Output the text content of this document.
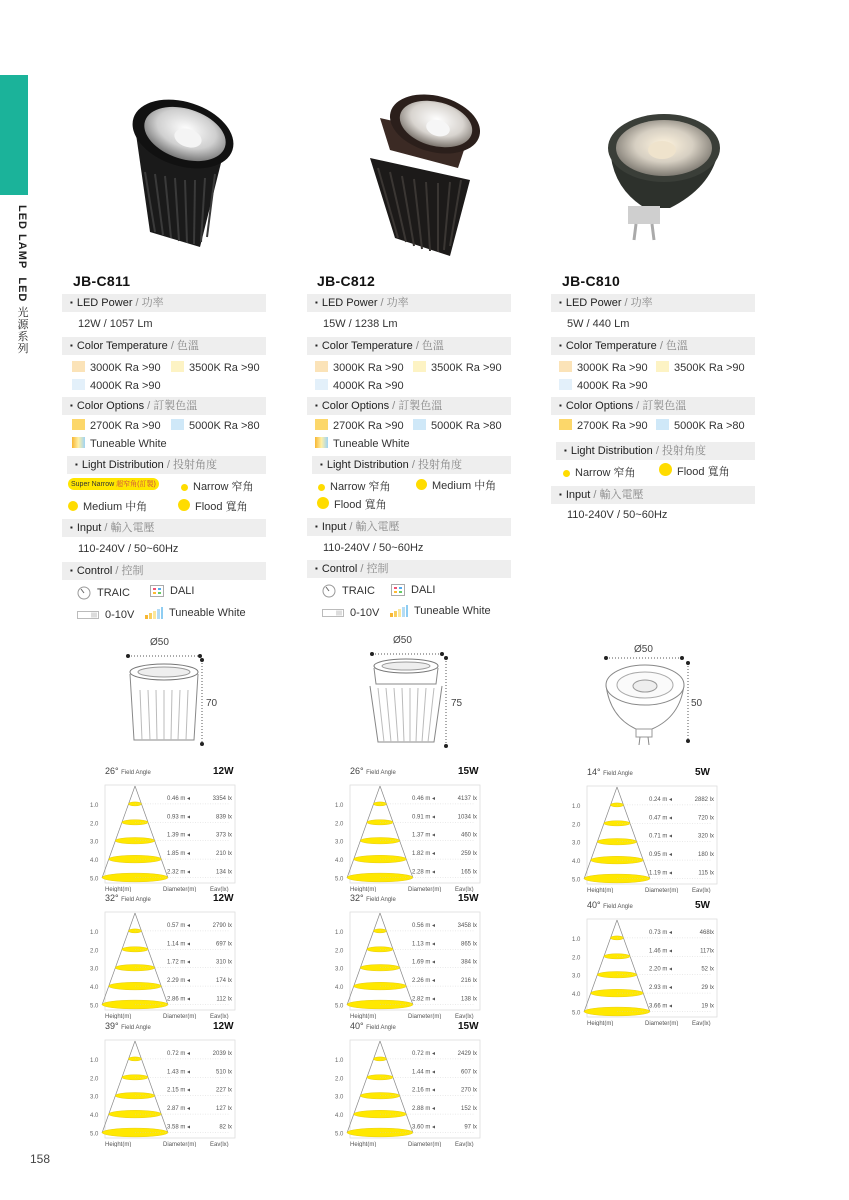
LED LAMP  LED 光源系列
158
JB-C811
▪ LED Power / 功率
12W / 1057 Lm
▪ Color Temperature / 色溫
3000K Ra >90	3500K Ra >90
4000K Ra >90
▪ Color Options / 訂製色溫
2700K Ra >90	5000K Ra >80
Tuneable White
▪ Light Distribution / 投射角度
Super Narrow 超窄角(訂製)	Narrow 窄角
Medium 中角	Flood 寬角
▪ Input / 輸入電壓
110-240V / 50~60Hz
▪ Control / 控制
TRAIC	DALI
0-10V	Tuneable White
Ø50
70
JB-C812
▪ LED Power / 功率
15W / 1238 Lm
▪ Color Temperature / 色溫
3000K Ra >90	3500K Ra >90
4000K Ra >90
▪ Color Options / 訂製色溫
2700K Ra >90	5000K Ra >80
Tuneable White
▪ Light Distribution / 投射角度
Narrow 窄角	Medium 中角
Flood 寬角
▪ Input / 輸入電壓
110-240V / 50~60Hz
▪ Control / 控制
TRAIC	DALI
0-10V	Tuneable White
Ø50
75
JB-C810
▪ LED Power / 功率
5W / 440 Lm
▪ Color Temperature / 色溫
3000K Ra >90	3500K Ra >90
4000K Ra >90
▪ Color Options / 訂製色溫
2700K Ra >90	5000K Ra >80
▪ Light Distribution / 投射角度
Narrow 窄角	Flood 寬角
▪ Input / 輸入電壓
110-240V / 50~60Hz
Ø50
50
26° Field Angle	12W
1.0
0.46 m ◂	3354 lx
2.0
0.93 m ◂	839 lx
3.0
1.39 m ◂	373 lx
4.0
1.85 m ◂	210 lx
5.0
2.32 m ◂	134 lx
Height(m)	Diameter(m) Eav(lx)
32° Field Angle	12W
1.0
0.57 m ◂	2790 lx
2.0
1.14 m ◂	697 lx
3.0
1.72 m ◂	310 lx
4.0
2.29 m ◂	174 lx
5.0
2.86 m ◂	112 lx
Height(m)	Diameter(m) Eav(lx)
39° Field Angle	12W
1.0
0.72 m ◂	2039 lx
2.0
1.43 m ◂	510 lx
3.0
2.15 m ◂	227 lx
4.0
2.87 m ◂	127 lx
5.0
3.58 m ◂	82 lx
Height(m)	Diameter(m) Eav(lx)
26° Field Angle	15W
1.0
0.46 m ◂	4137 lx
2.0
0.91 m ◂	1034 lx
3.0
1.37 m ◂	460 lx
4.0
1.82 m ◂	259 lx
5.0
2.28 m ◂	165 lx
Height(m)	Diameter(m) Eav(lx)
32° Field Angle	15W
1.0
0.56 m ◂	3458 lx
2.0
1.13 m ◂	865 lx
3.0
1.69 m ◂	384 lx
4.0
2.26 m ◂	216 lx
5.0
2.82 m ◂	138 lx
Height(m)	Diameter(m) Eav(lx)
40° Field Angle	15W
1.0
0.72 m ◂	2429 lx
2.0
1.44 m ◂	607 lx
3.0
2.16 m ◂	270 lx
4.0
2.88 m ◂	152 lx
5.0
3.60 m ◂	97 lx
Height(m)	Diameter(m) Eav(lx)
14° Field Angle	5W
1.0
0.24 m ◂	2882 lx
2.0
0.47 m ◂	720 lx
3.0
0.71 m ◂	320 lx
4.0
0.95 m ◂	180 lx
5.0
1.19 m ◂	115 lx
Height(m)	Diameter(m) Eav(lx)
40° Field Angle	5W
1.0
0.73 m ◂	468lx
2.0
1.46 m ◂	117lx
3.0
2.20 m ◂	52 lx
4.0
2.93 m ◂	29 lx
5.0
3.66 m ◂	19 lx
Height(m)	Diameter(m) Eav(lx)
